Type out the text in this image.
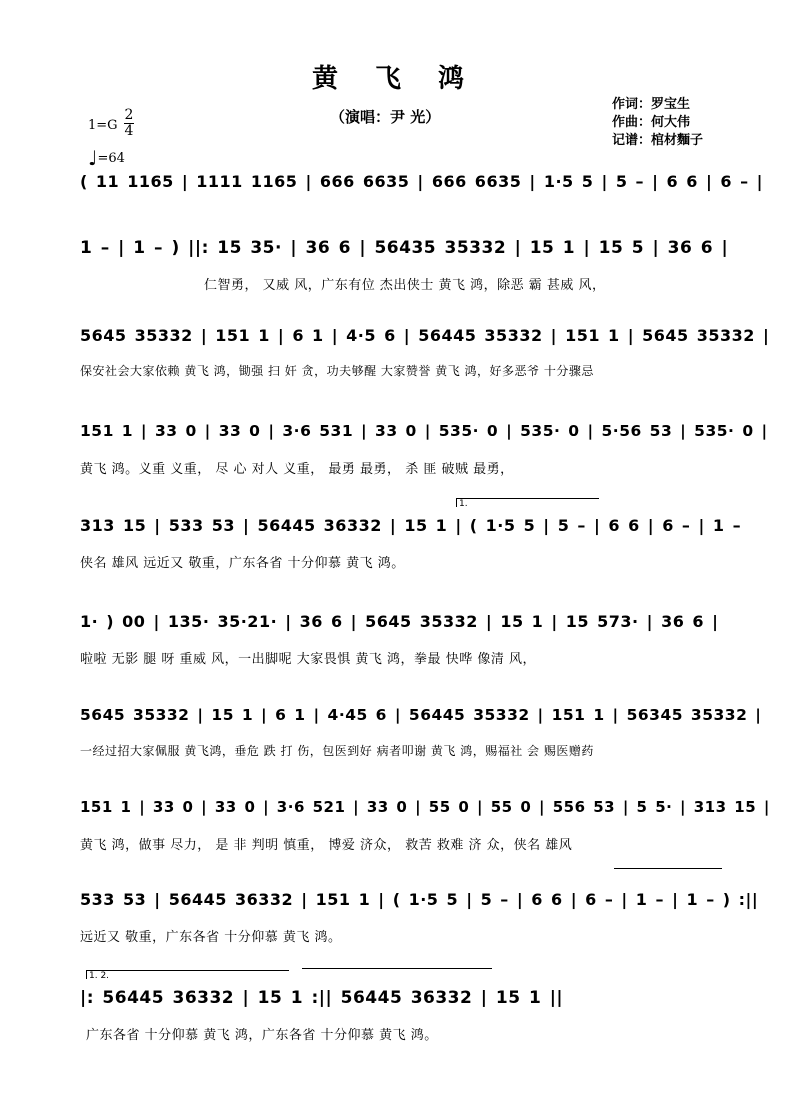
黄 飞 鸿
（演唱：尹 光）
作词：罗宝生
作曲：何大伟
记谱：棺材麵子
1=G
2
4
♩=64
( 11 1165 | 1111 1165 | 666 6635 | 666 6635 | 1·5 5 | 5 – | 6 6 | 6 – |
1 – | 1 – ) ||: 15 35· | 36 6 | 56435 35332 | 15 1 | 15 5 | 36 6 |
仁智勇， 又威 风，广东有位 杰出侠士 黄飞 鸿，除恶 霸 甚威 风，
5645 35332 | 151 1 | 6 1 | 4·5 6 | 56445 35332 | 151 1 | 5645 35332 |
保安社会大家依赖 黄飞 鸿，锄强 扫 奸 贪，功夫够醒 大家赞誉 黄飞 鸿，好多恶爷 十分骤忌
151 1 | 33 0 | 33 0 | 3·6 531 | 33 0 | 535· 0 | 535· 0 | 5·56 53 | 535· 0 |
黄飞 鸿。义重 义重， 尽 心 对人 义重， 最勇 最勇， 杀 匪 破贼 最勇，
1.
313 15 | 533 53 | 56445 36332 | 15 1 | ( 1·5 5 | 5 – | 6 6 | 6 – | 1 –
侠名 雄风 远近又 敬重，广东各省 十分仰慕 黄飞 鸿。
1· ) 00 | 135· 35·21· | 36 6 | 5645 35332 | 15 1 | 15 573· | 36 6 |
啦啦 无影 腿 呀 重威 风，一出脚呢 大家畏惧 黄飞 鸿，拳最 快哗 像清 风，
5645 35332 | 15 1 | 6 1 | 4·45 6 | 56445 35332 | 151 1 | 56345 35332 |
一经过招大家佩服 黄飞鸿，垂危 跌 打 伤，包医到好 病者叩谢 黄飞 鸿，赐福社 会 赐医赠药
151 1 | 33 0 | 33 0 | 3·6 521 | 33 0 | 55 0 | 55 0 | 556 53 | 5 5· | 313 15 |
黄飞 鸿，做事 尽力， 是 非 判明 慎重， 博爱 济众， 救苦 救难 济 众，侠名 雄风
533 53 | 56445 36332 | 151 1 | ( 1·5 5 | 5 – | 6 6 | 6 – | 1 – | 1 – ) :||
远近又 敬重，广东各省 十分仰慕 黄飞 鸿。
1. 2.
|: 56445 36332 | 15 1 :|| 56445 36332 | 15 1 ||
广东各省 十分仰慕 黄飞 鸿，广东各省 十分仰慕 黄飞 鸿。
